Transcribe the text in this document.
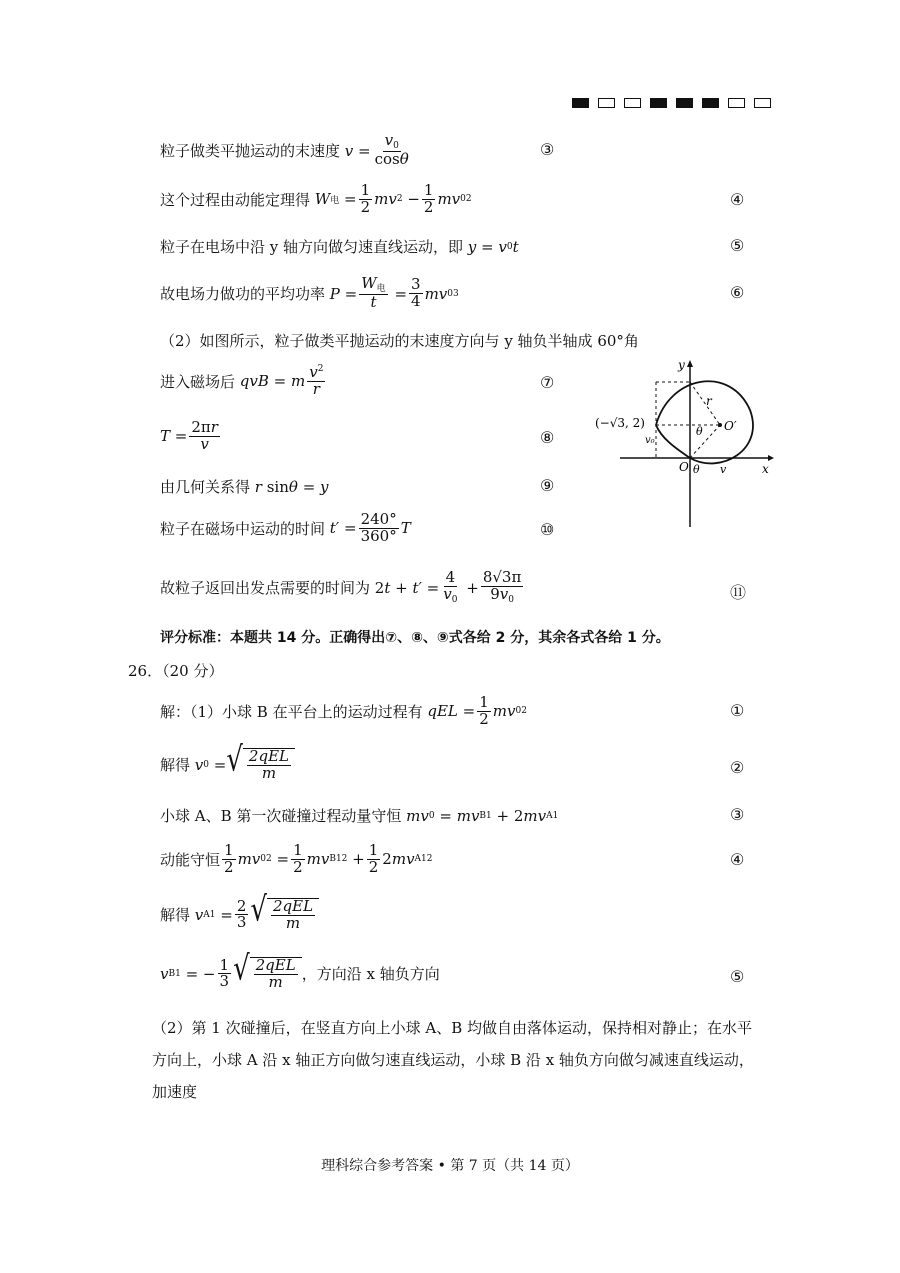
粒子做类平抛运动的末速度 $v = \frac{v_0}{\cos\theta}$	③
这个过程由动能定理得 W 电 = $\frac{1}{2}$ mv $2 - \frac{1}{2}$ mv 0 2	④
粒子在电场中沿 y 轴方向做匀速直线运动，即 y = v 0 t	⑤
故电场力做功的平均功率 $P = \frac{W_电}{t} = \frac{3}{4}$ mv 0 3	⑥
（2）如图所示，粒子做类平抛运动的末速度方向与 y 轴负半轴成 60°角
进入磁场后 qvB = m $\frac{v^2}{r}$	⑦
$T = \frac{2\pi r}{v}$	⑧
由几何关系得 r sin θ = y	⑨
粒子在磁场中运动的时间 $t' = \frac{240^\circ}{360^\circ}$ T	⑩
故粒子返回出发点需要的时间为 2 $t + t' = \frac{4}{v_0} + \frac{8√3\pi}{9v_0}$	⑪
y
x
r
θ O′
(−√3, 2)
v₀
O θ v
评分标准：本题共 14 分。正确得出⑦、⑧、⑨式各给 2 分，其余各式各给 1 分。
26．（20 分）
解：（1）小球 B 在平台上的运动过程有 qEL = $\frac{1}{2}$ mv 0 2	①
解得 v 0 = √ $\frac{\text{2qEL}}{m}$	②
小球 A、B 第一次碰撞过程动量守恒 mv 0 = mv B1 + 2 mv A1	③
动能守恒 $\frac{1}{2}$ mv 0 $2 = \frac{1}{2}$ mv B1 $2 + \frac{1}{2} 2$ mv A1 2	④
解得 v $A1 = \frac{2}{3}$ √ $\frac{\text{2qEL}}{m}$
v B1 = − $\frac{1}{3}$ √ $\frac{\text{2qEL}}{m}$ ，方向沿 x 轴负方向	⑤
（2）第 1 次碰撞后，在竖直方向上小球 A、B 均做自由落体运动，保持相对静止；在水平
方向上，小球 A 沿 x 轴正方向做匀速直线运动，小球 B 沿 x 轴负方向做匀减速直线运动，
加速度
理科综合参考答案 • 第 7 页（共 14 页）
